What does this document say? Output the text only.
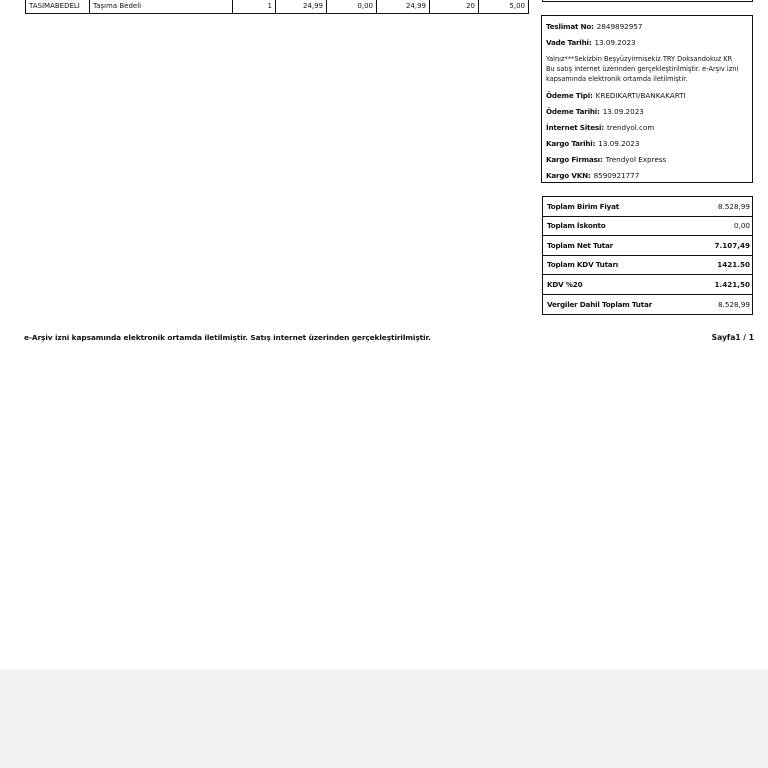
TASIMABEDELI	Taşıma Bedeli	1	24,99	0,00	24,99	20	5,00
Teslimat No: 2849892957
Vade Tarihi: 13.09.2023
Yalnız***Sekizbin Beşyüzyirmisekiz TRY Doksandokuz KR
Bu satış internet üzerinden gerçekleştirilmiştir. e-Arşiv izni
kapsamında elektronik ortamda iletilmiştir.
Ödeme Tipi: KREDIKARTI/BANKAKARTI
Ödeme Tarihi: 13.09.2023
İnternet Sitesi: trendyol.com
Kargo Tarihi: 13.09.2023
Kargo Firması: Trendyol Express
Kargo VKN: 8590921777
Toplam Birim Fiyat	8.528,99
Toplam İskonto	0,00
Toplam Net Tutar	7.107,49
Toplam KDV Tutarı	1421.50
KDV %20	1.421,50
Vergiler Dahil Toplam Tutar	8.528,99
e-Arşiv izni kapsamında elektronik ortamda iletilmiştir. Satış internet üzerinden gerçekleştirilmiştir.	Sayfa1 / 1
